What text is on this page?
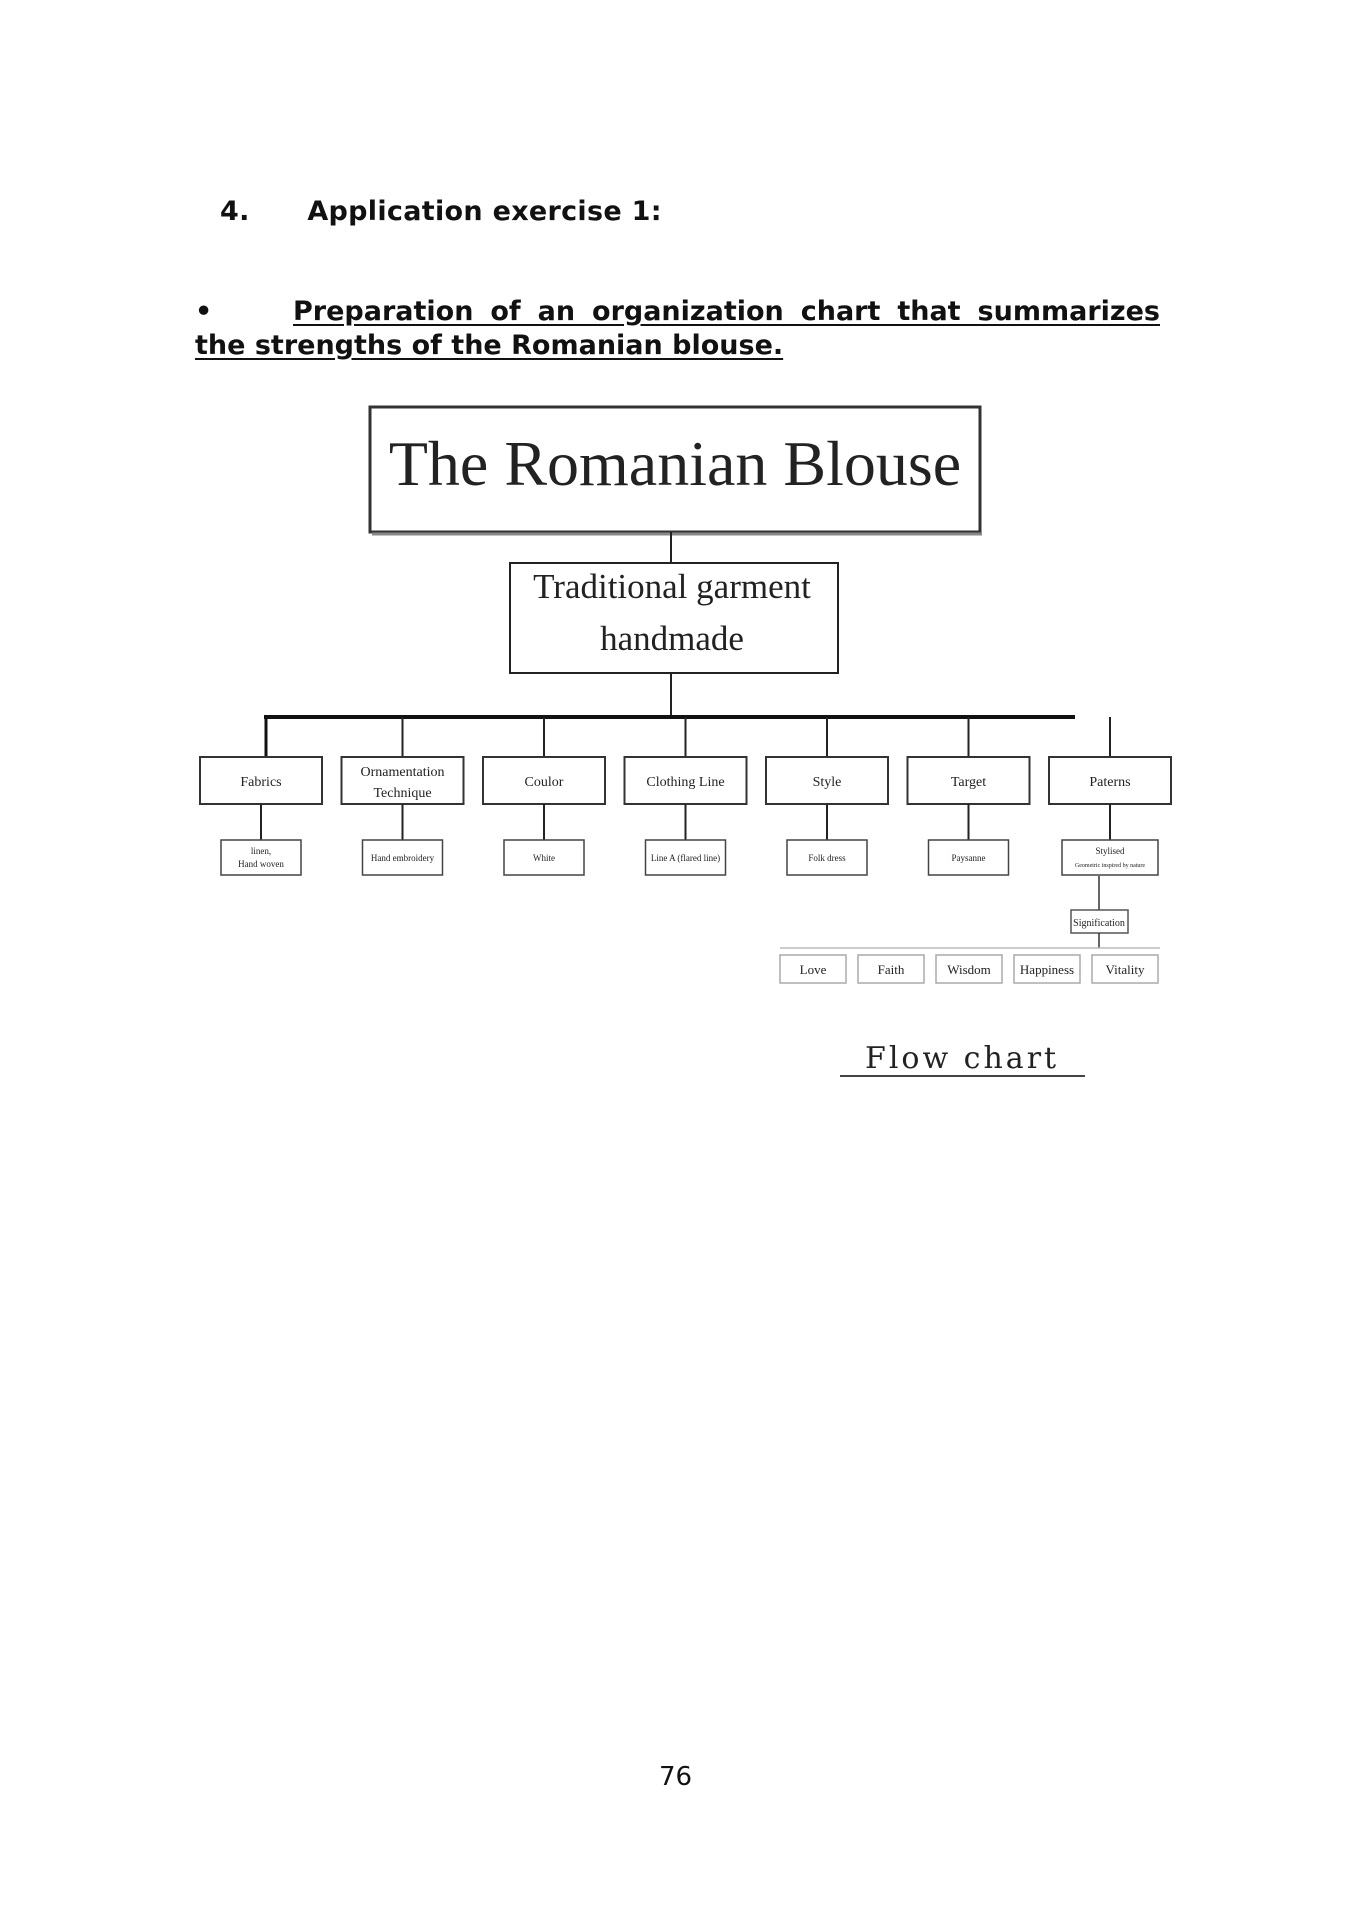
4. Application exercise 1:
•	Preparation of an organization chart that summarizes the strengths of the Romanian blouse.
The Romanian Blouse
Traditional garment
handmade
Fabrics
linen,
Hand woven
Ornamentation
Technique
Hand embroidery
Coulor
White
Clothing Line
Line A (flared line)
Style
Folk dress
Target
Paysanne
Paterns
Stylised
Geometric inspired by nature
Signification
Love	Faith	Wisdom Happiness Vitality
Flow chart
76
